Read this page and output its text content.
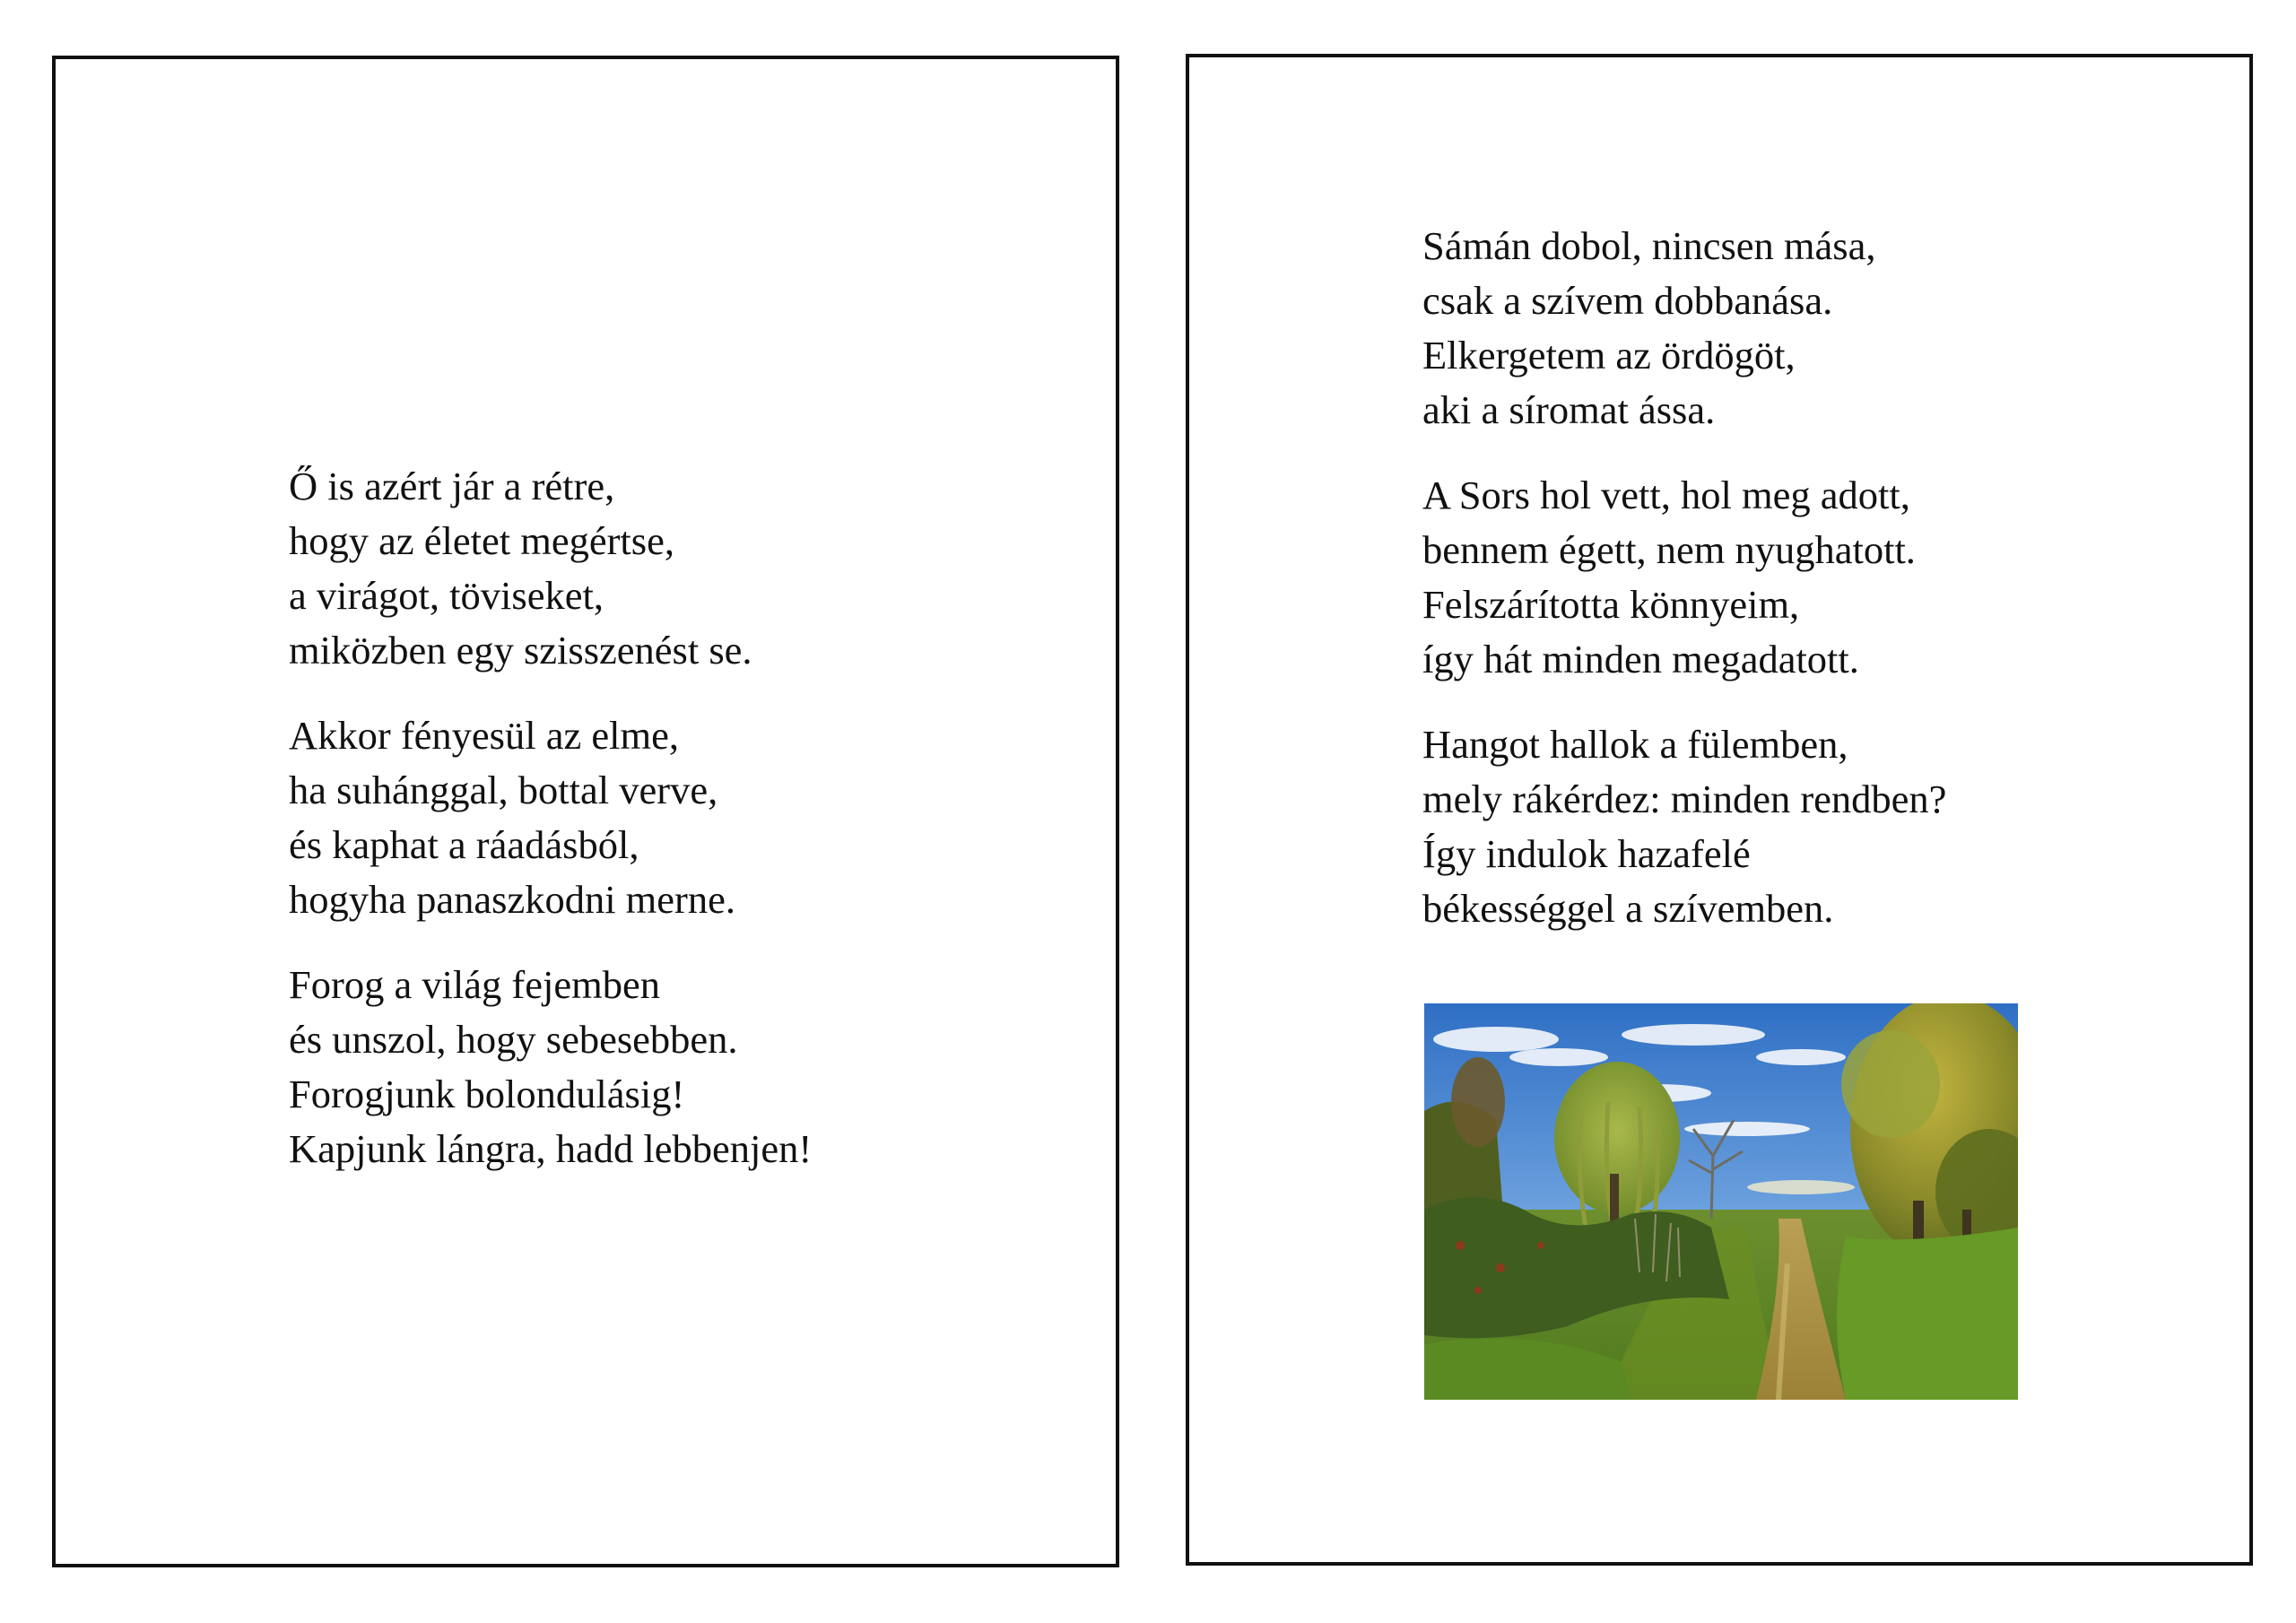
Ő is azért jár a rétre,
hogy az életet megértse,
a virágot, töviseket,
miközben egy szisszenést se.
Akkor fényesül az elme,
ha suhánggal, bottal verve,
és kaphat a ráadásból,
hogyha panaszkodni merne.
Forog a világ fejemben
és unszol, hogy sebesebben.
Forogjunk bolondulásig!
Kapjunk lángra, hadd lebbenjen!
Sámán dobol, nincsen mása,
csak a szívem dobbanása.
Elkergetem az ördögöt,
aki a síromat ássa.
A Sors hol vett, hol meg adott,
bennem égett, nem nyughatott.
Felszárította könnyeim,
így hát minden megadatott.
Hangot hallok a fülemben,
mely rákérdez: minden rendben?
Így indulok hazafelé
békességgel a szívemben.
